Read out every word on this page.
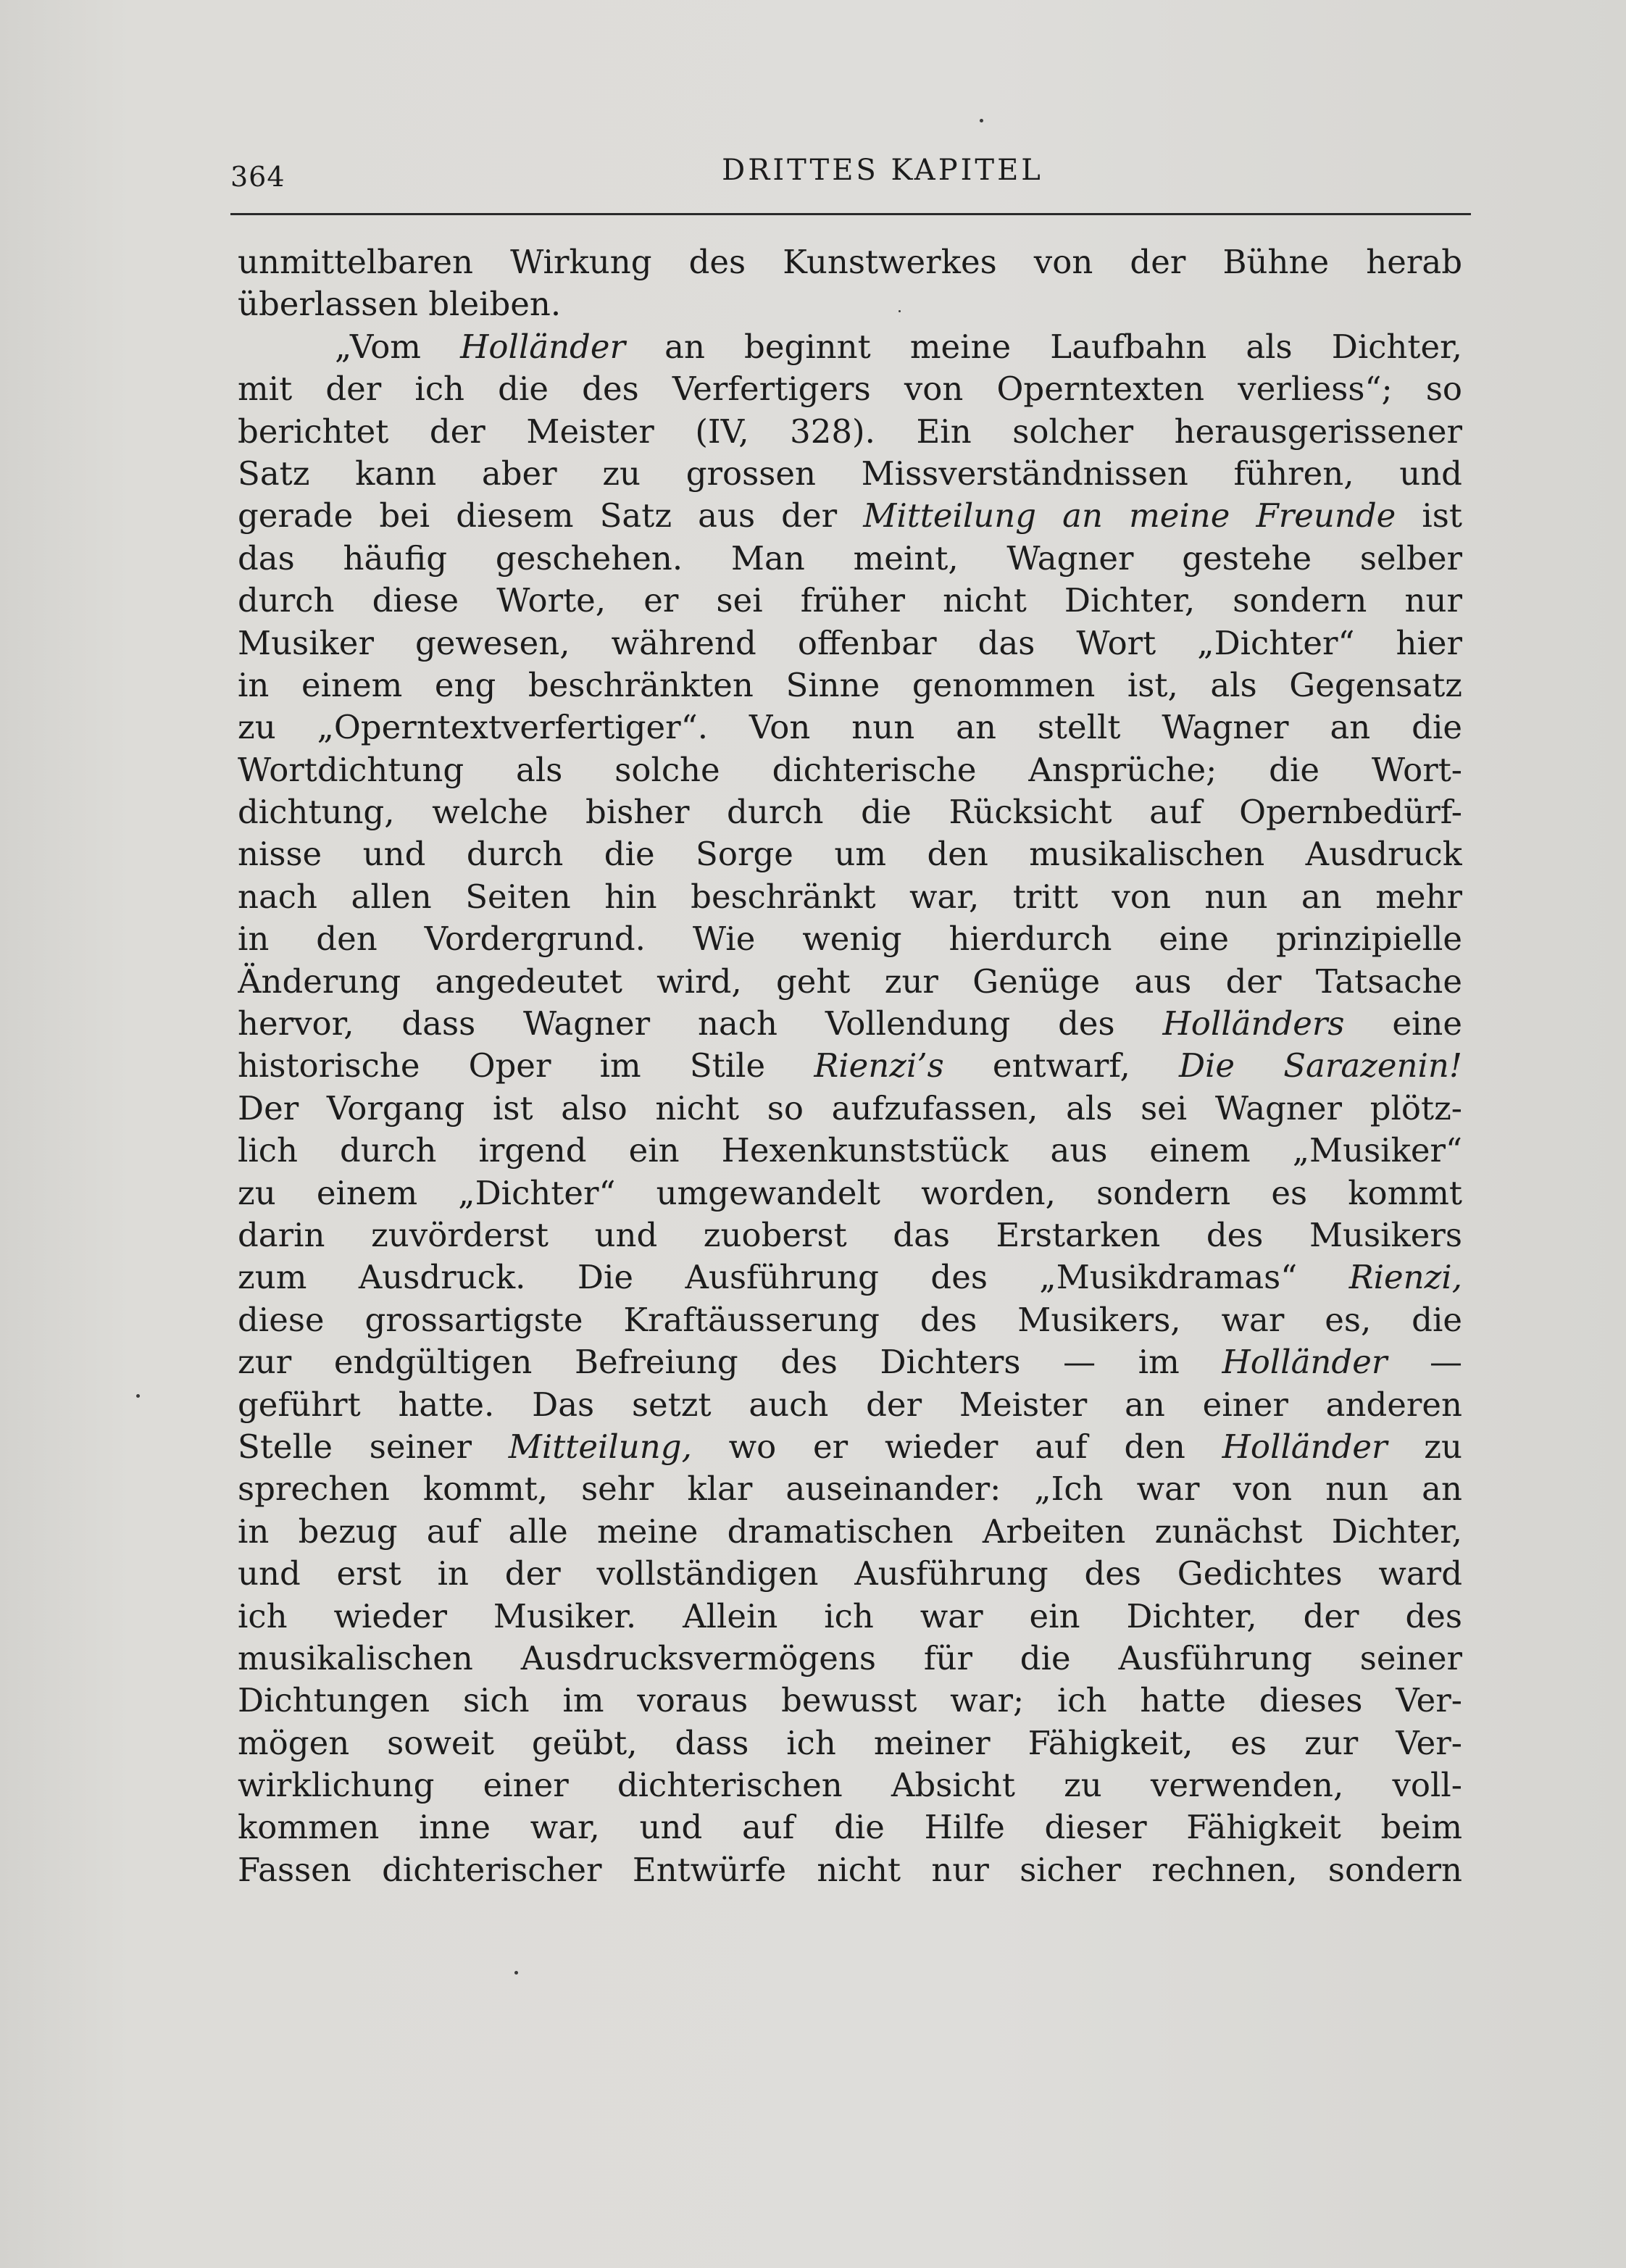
364	DRITTES KAPITEL
unmittelbaren Wirkung des Kunstwerkes von der Bühne herab
überlassen bleiben.
„Vom Holländer an beginnt meine Laufbahn als Dichter,
mit der ich die des Verfertigers von Operntexten verliess“; so
berichtet der Meister (IV, 328). Ein solcher herausgerissener
Satz kann aber zu grossen Missverständnissen führen, und
gerade bei diesem Satz aus der Mitteilung an meine Freunde ist
das häufig geschehen. Man meint, Wagner gestehe selber
durch diese Worte, er sei früher nicht Dichter, sondern nur
Musiker gewesen, während offenbar das Wort „Dichter“ hier
in einem eng beschränkten Sinne genommen ist, als Gegensatz
zu „Operntextverfertiger“. Von nun an stellt Wagner an die
Wortdichtung als solche dichterische Ansprüche; die Wort-
dichtung, welche bisher durch die Rücksicht auf Opernbedürf-
nisse und durch die Sorge um den musikalischen Ausdruck
nach allen Seiten hin beschränkt war, tritt von nun an mehr
in den Vordergrund. Wie wenig hierdurch eine prinzipielle
Änderung angedeutet wird, geht zur Genüge aus der Tatsache
hervor, dass Wagner nach Vollendung des Holländers eine
historische Oper im Stile Rienzi’s entwarf, Die Sarazenin!
Der Vorgang ist also nicht so aufzufassen, als sei Wagner plötz-
lich durch irgend ein Hexenkunststück aus einem „Musiker“
zu einem „Dichter“ umgewandelt worden, sondern es kommt
darin zuvörderst und zuoberst das Erstarken des Musikers
zum Ausdruck. Die Ausführung des „Musikdramas“ Rienzi,
diese grossartigste Kraftäusserung des Musikers, war es, die
zur endgültigen Befreiung des Dichters — im Holländer —
geführt hatte. Das setzt auch der Meister an einer anderen
Stelle seiner Mitteilung, wo er wieder auf den Holländer zu
sprechen kommt, sehr klar auseinander: „Ich war von nun an
in bezug auf alle meine dramatischen Arbeiten zunächst Dichter,
und erst in der vollständigen Ausführung des Gedichtes ward
ich wieder Musiker. Allein ich war ein Dichter, der des
musikalischen Ausdrucksvermögens für die Ausführung seiner
Dichtungen sich im voraus bewusst war; ich hatte dieses Ver-
mögen soweit geübt, dass ich meiner Fähigkeit, es zur Ver-
wirklichung einer dichterischen Absicht zu verwenden, voll-
kommen inne war, und auf die Hilfe dieser Fähigkeit beim
Fassen dichterischer Entwürfe nicht nur sicher rechnen, sondern
